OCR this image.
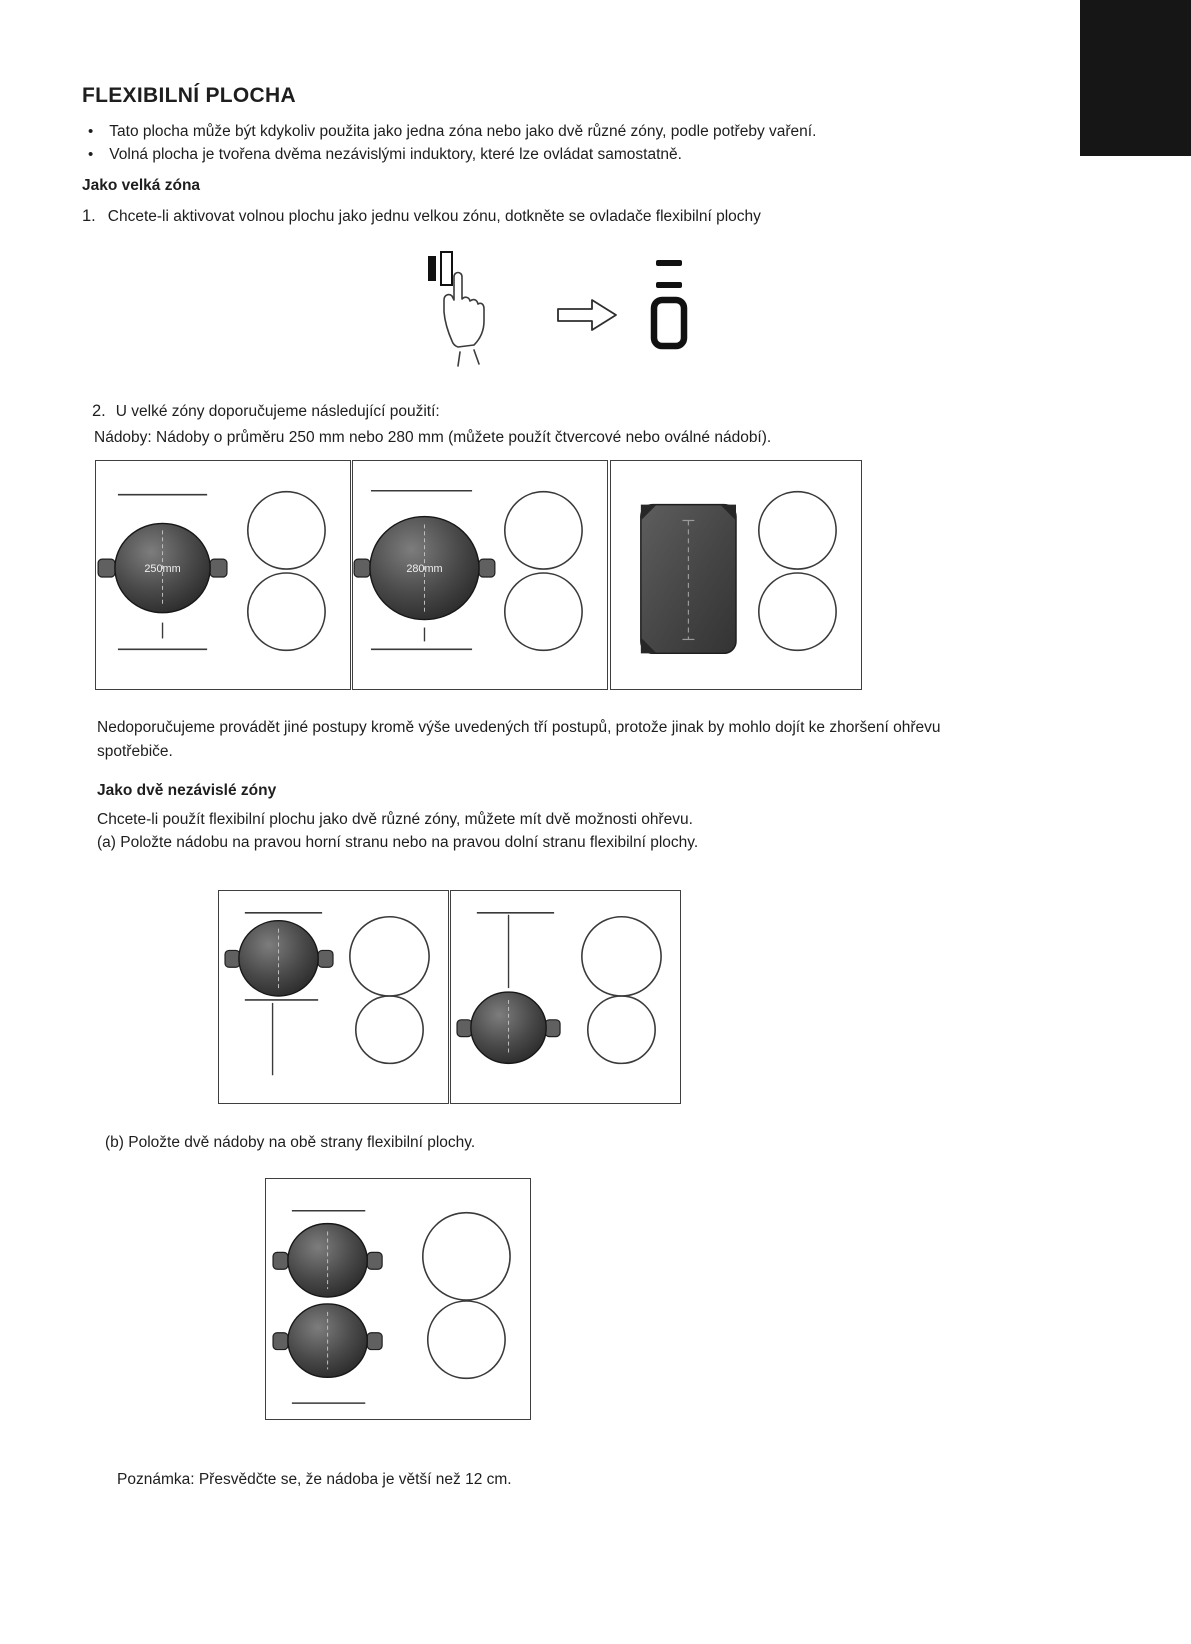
FLEXIBILNÍ PLOCHA
• Tato plocha může být kdykoliv použita jako jedna zóna nebo jako dvě různé zóny, podle potřeby vaření.
• Volná plocha je tvořena dvěma nezávislými induktory, které lze ovládat samostatně.
Jako velká zóna
1. Chcete-li aktivovat volnou plochu jako jednu velkou zónu, dotkněte se ovladače flexibilní plochy
2. U velké zóny doporučujeme následující použití:
Nádoby: Nádoby o průměru 250 mm nebo 280 mm (můžete použít čtvercové nebo oválné nádobí).
250mm	280mm
Nedoporučujeme provádět jiné postupy kromě výše uvedených tří postupů, protože jinak by mohlo dojít ke zhoršení ohřevu spotřebiče.
Jako dvě nezávislé zóny
Chcete-li použít flexibilní plochu jako dvě různé zóny, můžete mít dvě možnosti ohřevu.
(a) Položte nádobu na pravou horní stranu nebo na pravou dolní stranu flexibilní plochy.
(b) Položte dvě nádoby na obě strany flexibilní plochy.
Poznámka: Přesvědčte se, že nádoba je větší než 12 cm.
